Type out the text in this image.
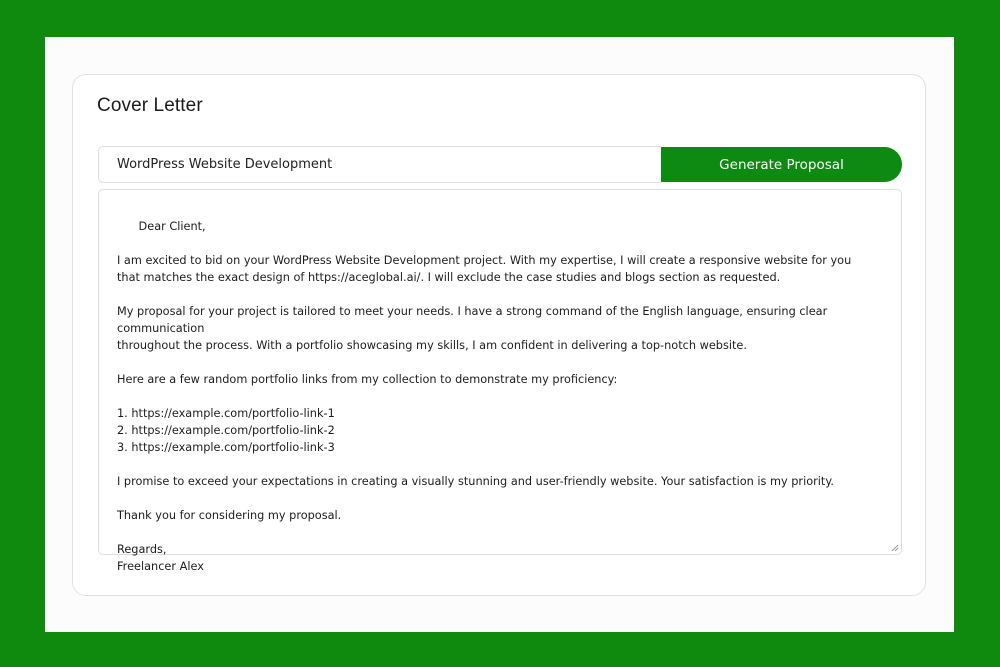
Cover Letter
WordPress Website Development
Generate Proposal

Dear Client,

I am excited to bid on your WordPress Website Development project. With my expertise, I will create a responsive website for you
that matches the exact design of https://aceglobal.ai/. I will exclude the case studies and blogs section as requested.

My proposal for your project is tailored to meet your needs. I have a strong command of the English language, ensuring clear communication
throughout the process. With a portfolio showcasing my skills, I am confident in delivering a top-notch website.

Here are a few random portfolio links from my collection to demonstrate my proficiency:

1. https://example.com/portfolio-link-1
2. https://example.com/portfolio-link-2
3. https://example.com/portfolio-link-3

I promise to exceed your expectations in creating a visually stunning and user-friendly website. Your satisfaction is my priority.

Thank you for considering my proposal.

Regards,
Freelancer Alex
